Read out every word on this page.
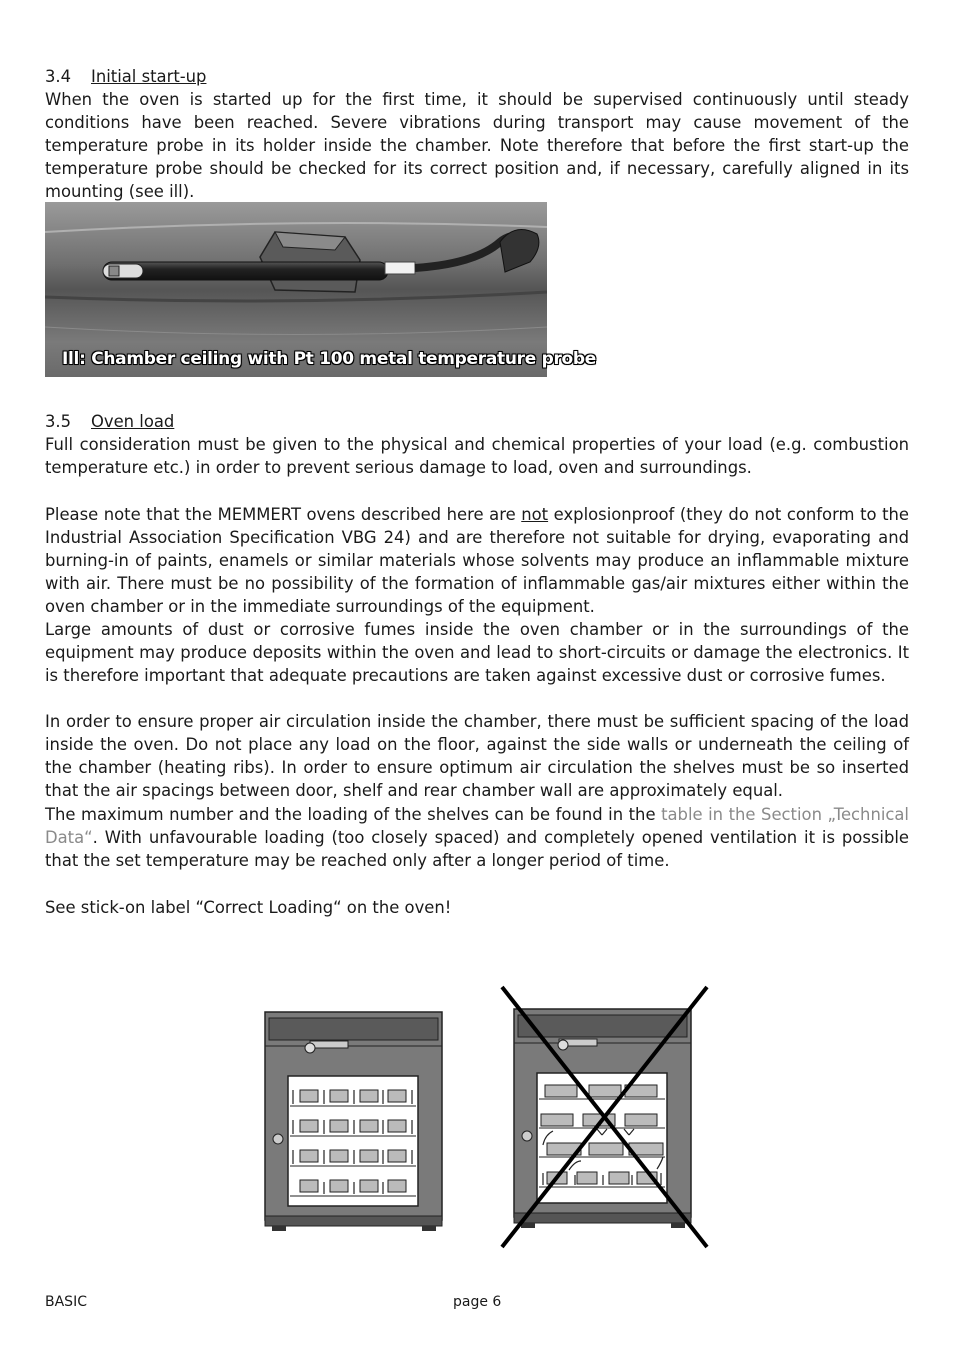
3.4 Initial start-up
When the oven is started up for the first time, it should be supervised continuously until steady conditions have been reached. Severe vibrations during transport may cause movement of the temperature probe in its holder inside the chamber. Note therefore that before the first start-up the temperature probe should be checked for its correct position and, if necessary, carefully aligned in its mounting (see ill).
Ill: Chamber ceiling with Pt 100 metal temperature probe
3.5 Oven load
Full consideration must be given to the physical and chemical properties of your load (e.g. combustion temperature etc.) in order to prevent serious damage to load, oven and surroundings.
Please note that the MEMMERT ovens described here are not explosionproof (they do not conform to the Industrial Association Specification VBG 24) and are therefore not suitable for drying, evaporating and burning-in of paints, enamels or similar materials whose solvents may produce an inflammable mixture with air. There must be no possibility of the formation of inflammable gas/air mixtures either within the oven chamber or in the immediate surroundings of the equipment.
Large amounts of dust or corrosive fumes inside the oven chamber or in the surroundings of the equipment may produce deposits within the oven and lead to short-circuits or damage the electronics. It is therefore important that adequate precautions are taken against excessive dust or corrosive fumes.
In order to ensure proper air circulation inside the chamber, there must be sufficient spacing of the load inside the oven. Do not place any load on the floor, against the side walls or underneath the ceiling of the chamber (heating ribs). In order to ensure optimum air circulation the shelves must be so inserted that the air spacings between door, shelf and rear chamber wall are approximately equal.
The maximum number and the loading of the shelves can be found in the table in the Section „Technical Data“. With unfavourable loading (too closely spaced) and completely opened ventilation it is possible that the set temperature may be reached only after a longer period of time.
See stick-on label “Correct Loading“ on the oven!
BASIC	page 6
